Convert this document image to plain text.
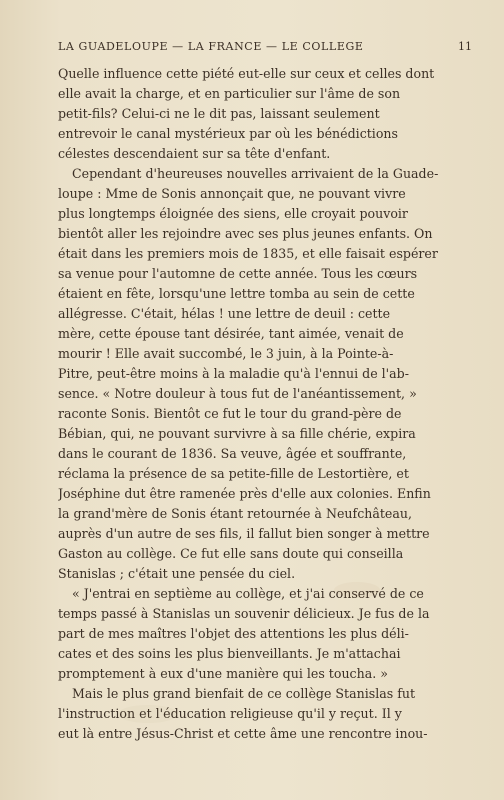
LA GUADELOUPE — LA FRANCE — LE COLLEGE	11
Quelle influence cette piété eut-elle sur ceux et celles dont
elle avait la charge, et en particulier sur l'âme de son
petit-fils? Celui-ci ne le dit pas, laissant seulement
entrevoir le canal mystérieux par où les bénédictions
célestes descendaient sur sa tête d'enfant.
Cependant d'heureuses nouvelles arrivaient de la Guade-
loupe : Mme de Sonis annonçait que, ne pouvant vivre
plus longtemps éloignée des siens, elle croyait pouvoir
bientôt aller les rejoindre avec ses plus jeunes enfants. On
était dans les premiers mois de 1835, et elle faisait espérer
sa venue pour l'automne de cette année. Tous les cœurs
étaient en fête, lorsqu'une lettre tomba au sein de cette
allégresse. C'était, hélas ! une lettre de deuil : cette
mère, cette épouse tant désirée, tant aimée, venait de
mourir ! Elle avait succombé, le 3 juin, à la Pointe-à-
Pitre, peut-être moins à la maladie qu'à l'ennui de l'ab-
sence. « Notre douleur à tous fut de l'anéantissement, »
raconte Sonis. Bientôt ce fut le tour du grand-père de
Bébian, qui, ne pouvant survivre à sa fille chérie, expira
dans le courant de 1836. Sa veuve, âgée et souffrante,
réclama la présence de sa petite-fille de Lestortière, et
Joséphine dut être ramenée près d'elle aux colonies. Enfin
la grand'mère de Sonis étant retournée à Neufchâteau,
auprès d'un autre de ses fils, il fallut bien songer à mettre
Gaston au collège. Ce fut elle sans doute qui conseilla
Stanislas ; c'était une pensée du ciel.
« J'entrai en septième au collège, et j'ai conservé de ce
temps passé à Stanislas un souvenir délicieux. Je fus de la
part de mes maîtres l'objet des attentions les plus déli-
cates et des soins les plus bienveillants. Je m'attachai
promptement à eux d'une manière qui les toucha. »
Mais le plus grand bienfait de ce collège Stanislas fut
l'instruction et l'éducation religieuse qu'il y reçut. Il y
eut là entre Jésus-Christ et cette âme une rencontre inou-
